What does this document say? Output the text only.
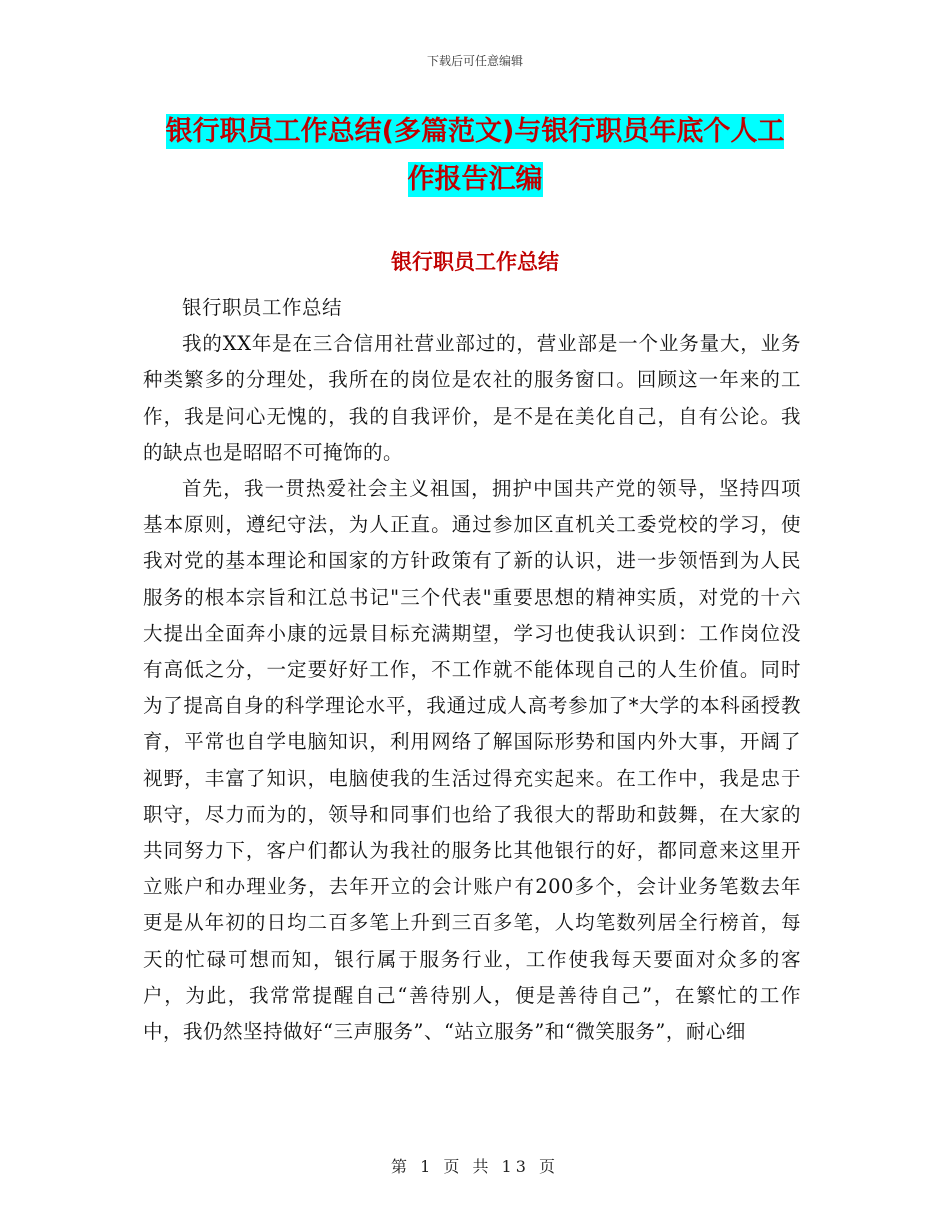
下载后可任意编辑
银行职员工作总结(多篇范文)与银行职员年底个人工
作报告汇编
银行职员工作总结

银行职员工作总结

我的XX年是在三合信用社营业部过的，营业部是一个业务量大，业务种类繁多的分理处，我所在的岗位是农社的服务窗口。回顾这一年来的工作，我是问心无愧的，我的自我评价，是不是在美化自己，自有公论。我的缺点也是昭昭不可掩饰的。

首先，我一贯热爱社会主义祖国，拥护中国共产党的领导，坚持四项基本原则，遵纪守法，为人正直。通过参加区直机关工委党校的学习，使我对党的基本理论和国家的方针政策有了新的认识，进一步领悟到为人民服务的根本宗旨和江总书记"三个代表"重要思想的精神实质，对党的十六大提出全面奔小康的远景目标充满期望，学习也使我认识到：工作岗位没有高低之分，一定要好好工作，不工作就不能体现自己的人生价值。同时为了提高自身的科学理论水平，我通过成人高考参加了*大学的本科函授教育，平常也自学电脑知识，利用网络了解国际形势和国内外大事，开阔了视野，丰富了知识，电脑使我的生活过得充实起来。在工作中，我是忠于职守，尽力而为的，领导和同事们也给了我很大的帮助和鼓舞，在大家的共同努力下，客户们都认为我社的服务比其他银行的好，都同意来这里开立账户和办理业务，去年开立的会计账户有200多个，会计业务笔数去年更是从年初的日均二百多笔上升到三百多笔，人均笔数列居全行榜首，每天的忙碌可想而知，银行属于服务行业，工作使我每天要面对众多的客户，为此，我常常提醒自己“善待别人，便是善待自己”，在繁忙的工作中，我仍然坚持做好“三声服务”、“站立服务”和“微笑服务”，耐心细

第 1 页 共 13 页
